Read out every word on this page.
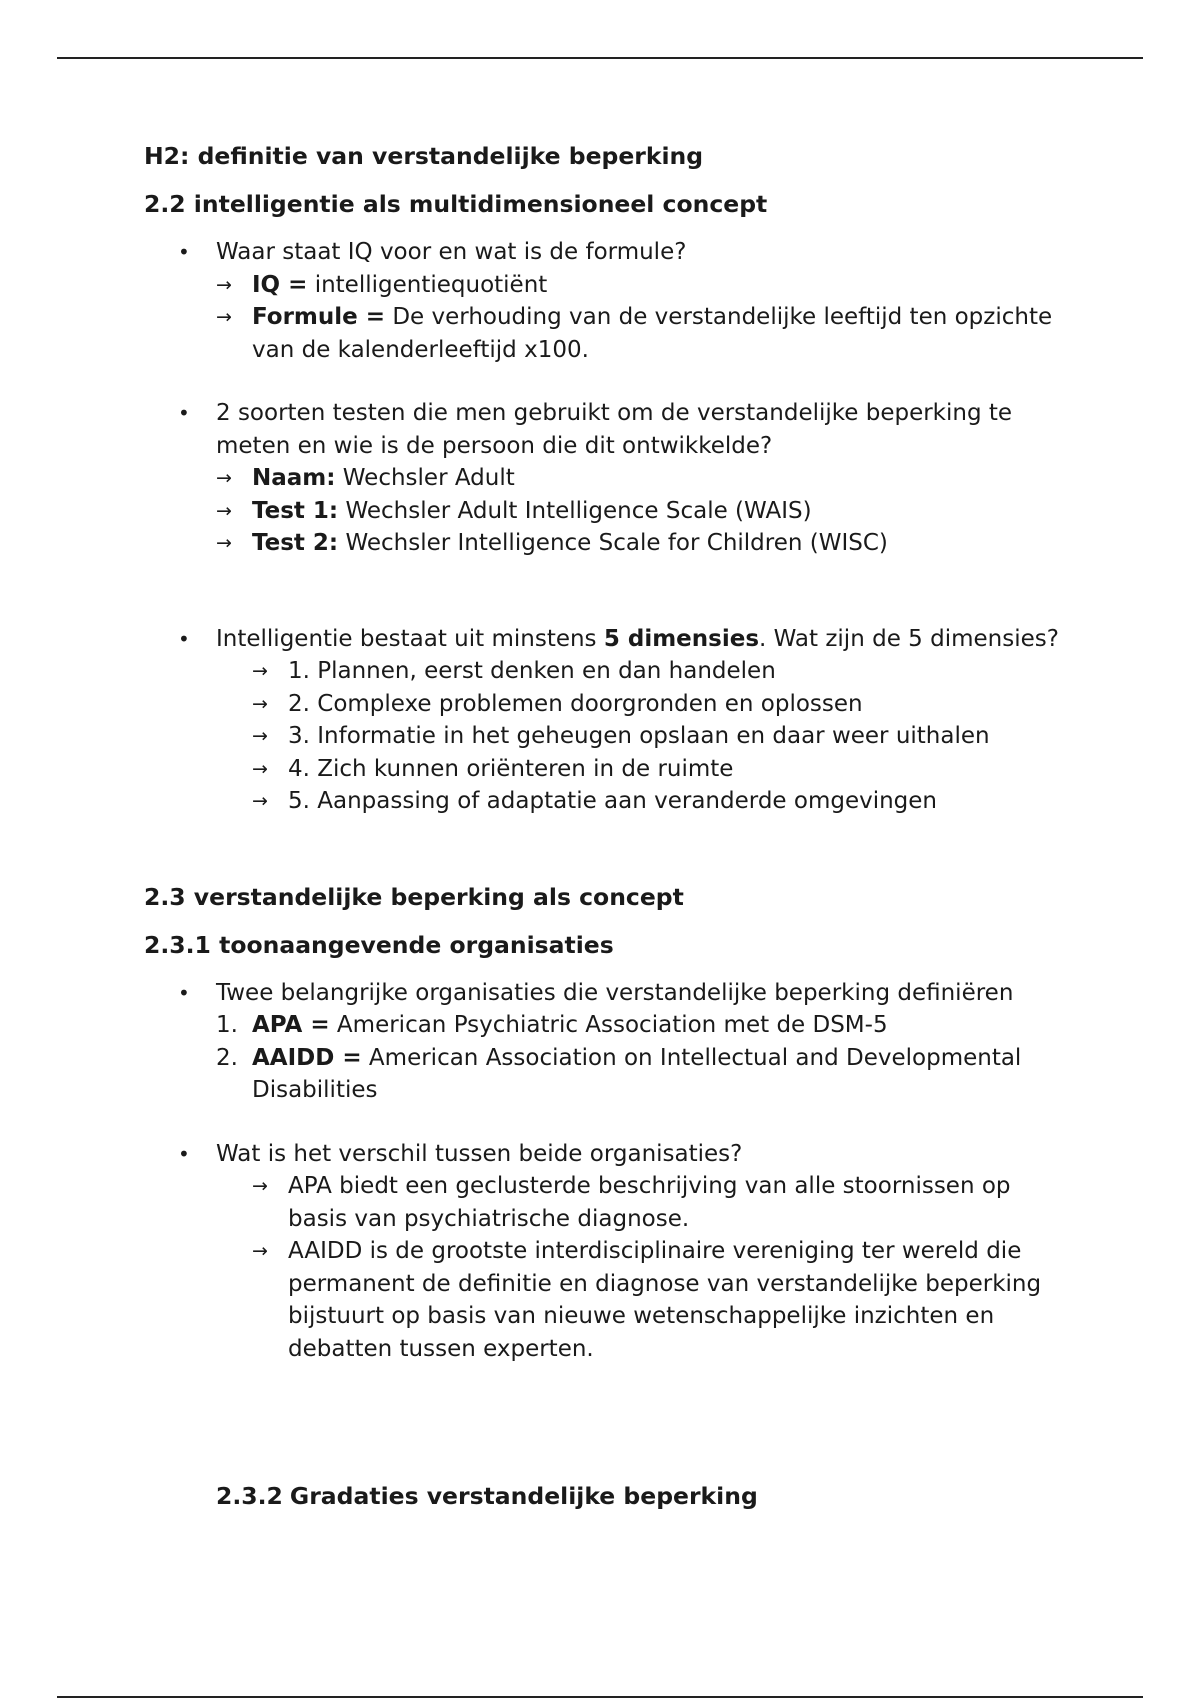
H2: definitie van verstandelijke beperking

2.2 intelligentie als multidimensioneel concept

• Waar staat IQ voor en wat is de formule?
→ IQ = intelligentiequotiënt
→ Formule = De verhouding van de verstandelijke leeftijd ten opzichte van de kalenderleeftijd x100.
• 2 soorten testen die men gebruikt om de verstandelijke beperking te meten en wie is de persoon die dit ontwikkelde?
→ Naam: Wechsler Adult
→ Test 1: Wechsler Adult Intelligence Scale (WAIS)
→ Test 2: Wechsler Intelligence Scale for Children (WISC)
• Intelligentie bestaat uit minstens 5 dimensies. Wat zijn de 5 dimensies?
→ 1. Plannen, eerst denken en dan handelen
→ 2. Complexe problemen doorgronden en oplossen
→ 3. Informatie in het geheugen opslaan en daar weer uithalen
→ 4. Zich kunnen oriënteren in de ruimte
→ 5. Aanpassing of adaptatie aan veranderde omgevingen

2.3 verstandelijke beperking als concept

2.3.1 toonaangevende organisaties

• Twee belangrijke organisaties die verstandelijke beperking definiëren
1. APA = American Psychiatric Association met de DSM-5
2. AAIDD = American Association on Intellectual and Developmental Disabilities
• Wat is het verschil tussen beide organisaties?
→ APA biedt een geclusterde beschrijving van alle stoornissen op basis van psychiatrische diagnose.
→ AAIDD is de grootste interdisciplinaire vereniging ter wereld die permanent de definitie en diagnose van verstandelijke beperking bijstuurt op basis van nieuwe wetenschappelijke inzichten en debatten tussen experten.

2.3.2 Gradaties verstandelijke beperking
